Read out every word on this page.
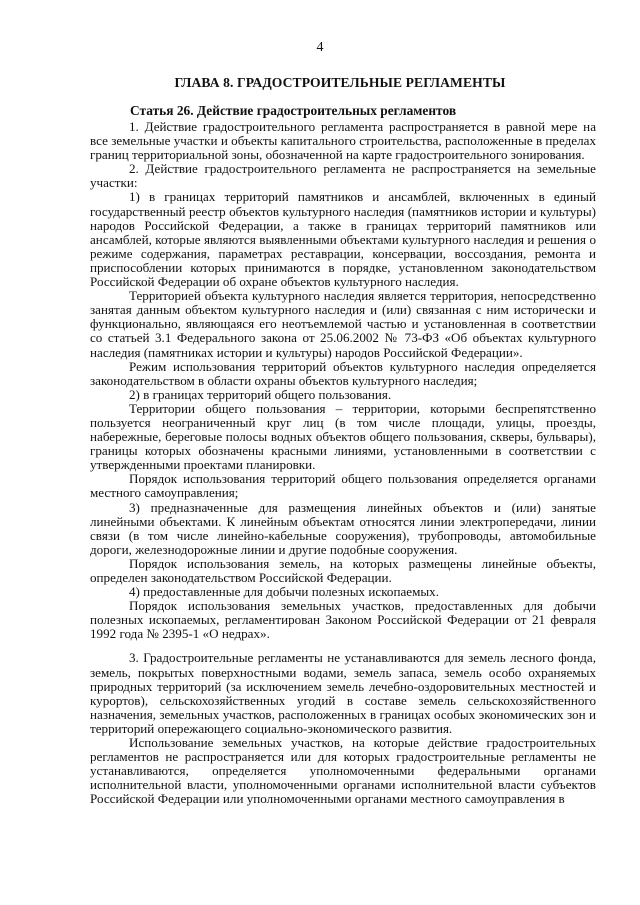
4
ГЛАВА 8. ГРАДОСТРОИТЕЛЬНЫЕ РЕГЛАМЕНТЫ
Статья 26. Действие градостроительных регламентов

1. Действие градостроительного регламента распространяется в равной мере на все земельные участки и объекты капитального строительства, расположенные в пределах границ территориальной зоны, обозначенной на карте градостроительного зонирования.

2. Действие градостроительного регламента не распространяется на земельные участки:

1) в границах территорий памятников и ансамблей, включенных в единый государственный реестр объектов культурного наследия (памятников истории и культуры) народов Российской Федерации, а также в границах территорий памятников или ансамблей, которые являются выявленными объектами культурного наследия и решения о режиме содержания, параметрах реставрации, консервации, воссоздания, ремонта и приспособлении которых принимаются в порядке, установленном законодательством Российской Федерации об охране объектов культурного наследия.

Территорией объекта культурного наследия является территория, непосредственно занятая данным объектом культурного наследия и (или) связанная с ним исторически и функционально, являющаяся его неотъемлемой частью и установленная в соответствии со статьей 3.1 Федерального закона от 25.06.2002 № 73-ФЗ «Об объектах культурного наследия (памятниках истории и культуры) народов Российской Федерации».

Режим использования территорий объектов культурного наследия определяется законодательством в области охраны объектов культурного наследия;

2) в границах территорий общего пользования.

Территории общего пользования – территории, которыми беспрепятственно пользуется неограниченный круг лиц (в том числе площади, улицы, проезды, набережные, береговые полосы водных объектов общего пользования, скверы, бульвары), границы которых обозначены красными линиями, установленными в соответствии с утвержденными проектами планировки.

Порядок использования территорий общего пользования определяется органами местного самоуправления;

3) предназначенные для размещения линейных объектов и (или) занятые линейными объектами. К линейным объектам относятся линии электропередачи, линии связи (в том числе линейно-кабельные сооружения), трубопроводы, автомобильные дороги, железнодорожные линии и другие подобные сооружения.

Порядок использования земель, на которых размещены линейные объекты, определен законодательством Российской Федерации.

4) предоставленные для добычи полезных ископаемых.

Порядок использования земельных участков, предоставленных для добычи полезных ископаемых, регламентирован Законом Российской Федерации от 21 февраля 1992 года № 2395-1 «О недрах».

3. Градостроительные регламенты не устанавливаются для земель лесного фонда, земель, покрытых поверхностными водами, земель запаса, земель особо охраняемых природных территорий (за исключением земель лечебно-оздоровительных местностей и курортов), сельскохозяйственных угодий в составе земель сельскохозяйственного назначения, земельных участков, расположенных в границах особых экономических зон и территорий опережающего социально-экономического развития.

Использование земельных участков, на которые действие градостроительных регламентов не распространяется или для которых градостроительные регламенты не устанавливаются, определяется уполномоченными федеральными органами исполнительной власти, уполномоченными органами исполнительной власти субъектов Российской Федерации или уполномоченными органами местного самоуправления в
